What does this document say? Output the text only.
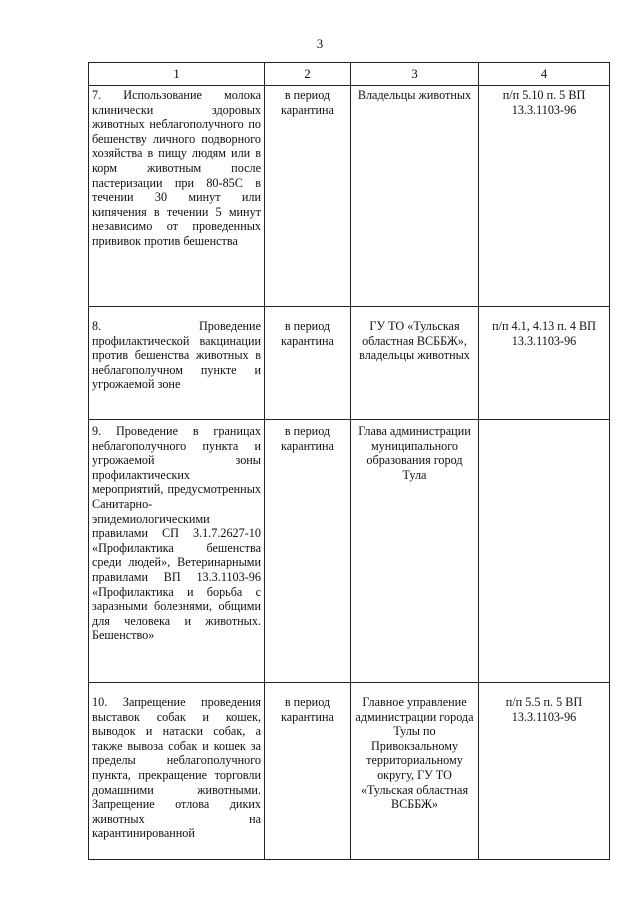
3
1	2	3	4
7. Использование молока клинически здоровых животных неблагополучного по бешенству личного подворного хозяйства в пищу людям или в корм животным после пастеризации при 80-85С в течении 30 минут или кипячения в течении 5 минут независимо от проведенных прививок против бешенства	в период карантина	Владельцы животных	п/п 5.10 п. 5 ВП 13.3.1103-96
8. Проведение профилактической вакцинации против бешенства животных в неблагополучном пункте и угрожаемой зоне	в период карантина	ГУ ТО «Тульская областная ВСББЖ», владельцы животных	п/п 4.1, 4.13 п. 4 ВП 13.3.1103-96
9. Проведение в границах неблагополучного пункта и угрожаемой зоны профилактических мероприятий, предусмотренных Санитарно-эпидемиологическими правилами СП 3.1.7.2627-10 «Профилактика бешенства среди людей», Ветеринарными правилами ВП 13.3.1103-96 «Профилактика и борьба с заразными болезнями, общими для человека и животных. Бешенство»	в период карантина	Глава администрации муниципального образования город Тула	
10. Запрещение проведения выставок собак и кошек, выводок и натаски собак, а также вывоза собак и кошек за пределы неблагополучного пункта, прекращение торговли домашними животными. Запрещение отлова диких животных на карантинированной	в период карантина	Главное управление администрации города Тулы по Привокзальному территориальному округу, ГУ ТО «Тульская областная ВСББЖ»	п/п 5.5 п. 5 ВП 13.3.1103-96
